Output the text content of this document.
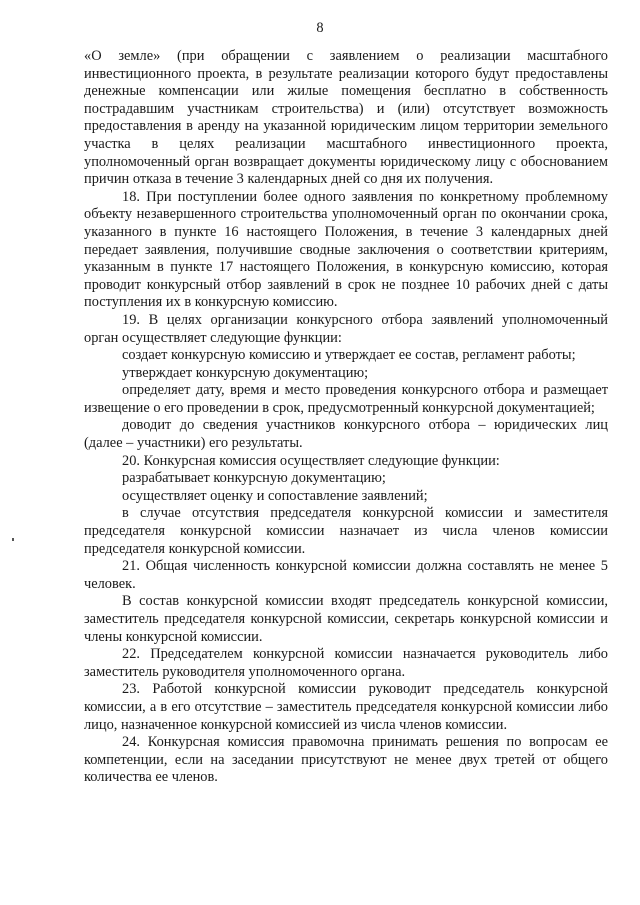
8

«О земле» (при обращении с заявлением о реализации масштабного инвестиционного проекта, в результате реализации которого будут предоставлены денежные компенсации или жилые помещения бесплатно в собственность пострадавшим участникам строительства) и (или) отсутствует возможность предоставления в аренду на указанной юридическим лицом территории земельного участка в целях реализации масштабного инвестиционного проекта, уполномоченный орган возвращает документы юридическому лицу с обоснованием причин отказа в течение 3 календарных дней со дня их получения.

18. При поступлении более одного заявления по конкретному проблемному объекту незавершенного строительства уполномоченный орган по окончании срока, указанного в пункте 16 настоящего Положения, в течение 3 календарных дней передает заявления, получившие сводные заключения о соответствии критериям, указанным в пункте 17 настоящего Положения, в конкурсную комиссию, которая проводит конкурсный отбор заявлений в срок не позднее 10 рабочих дней с даты поступления их в конкурсную комиссию.

19. В целях организации конкурсного отбора заявлений уполномоченный орган осуществляет следующие функции:

создает конкурсную комиссию и утверждает ее состав, регламент работы;

утверждает конкурсную документацию;

определяет дату, время и место проведения конкурсного отбора и размещает извещение о его проведении в срок, предусмотренный конкурсной документацией;

доводит до сведения участников конкурсного отбора – юридических лиц (далее – участники) его результаты.

20. Конкурсная комиссия осуществляет следующие функции:

разрабатывает конкурсную документацию;

осуществляет оценку и сопоставление заявлений;

в случае отсутствия председателя конкурсной комиссии и заместителя председателя конкурсной комиссии назначает из числа членов комиссии председателя конкурсной комиссии.

21. Общая численность конкурсной комиссии должна составлять не менее 5 человек.

В состав конкурсной комиссии входят председатель конкурсной комиссии, заместитель председателя конкурсной комиссии, секретарь конкурсной комиссии и члены конкурсной комиссии.

22. Председателем конкурсной комиссии назначается руководитель либо заместитель руководителя уполномоченного органа.

23. Работой конкурсной комиссии руководит председатель конкурсной комиссии, а в его отсутствие – заместитель председателя конкурсной комиссии либо лицо, назначенное конкурсной комиссией из числа членов комиссии.

24. Конкурсная комиссия правомочна принимать решения по вопросам ее компетенции, если на заседании присутствуют не менее двух третей от общего количества ее членов.
